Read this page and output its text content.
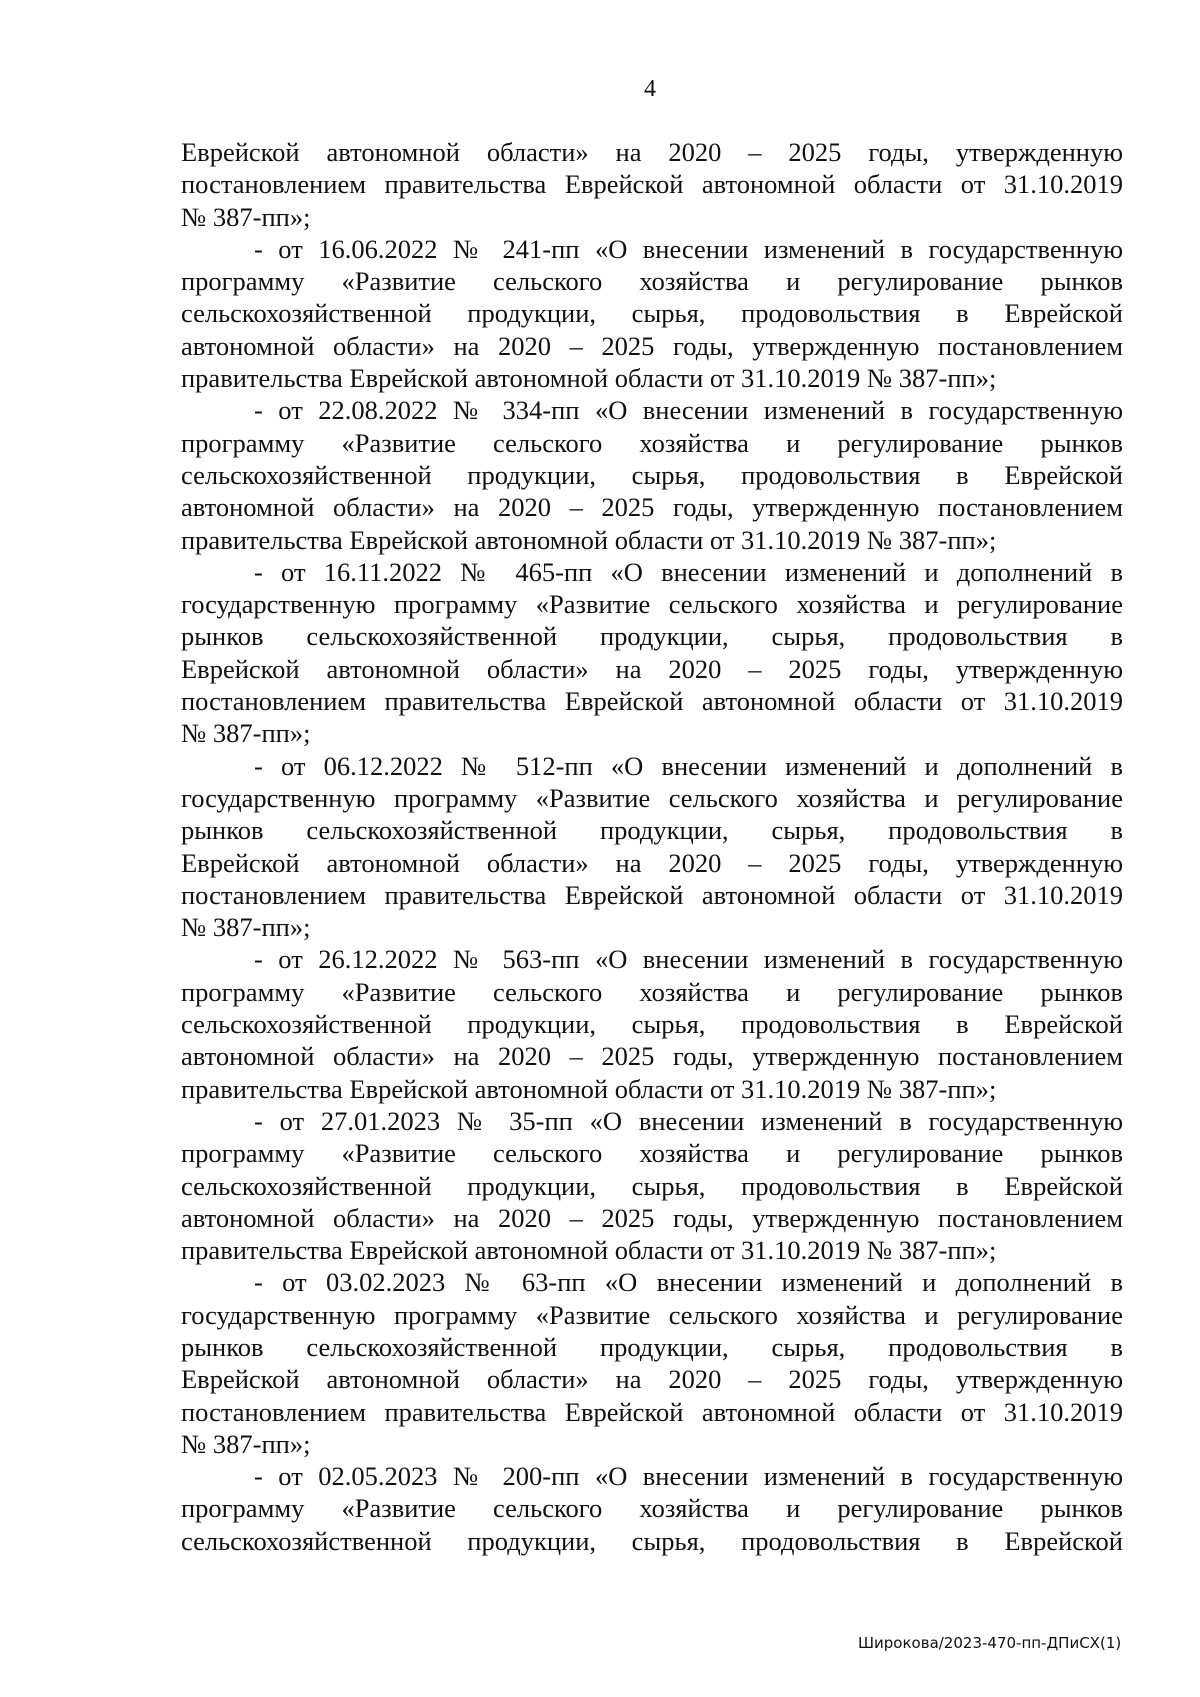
4
Еврейской автономной области» на 2020 – 2025 годы, утвержденную
постановлением правительства Еврейской автономной области от 31.10.2019
№ 387-пп»;
- от 16.06.2022 № 241-пп «О внесении изменений в государственную
программу «Развитие сельского хозяйства и регулирование рынков
сельскохозяйственной продукции, сырья, продовольствия в Еврейской
автономной области» на 2020 – 2025 годы, утвержденную постановлением
правительства Еврейской автономной области от 31.10.2019 № 387-пп»;
- от 22.08.2022 № 334-пп «О внесении изменений в государственную
программу «Развитие сельского хозяйства и регулирование рынков
сельскохозяйственной продукции, сырья, продовольствия в Еврейской
автономной области» на 2020 – 2025 годы, утвержденную постановлением
правительства Еврейской автономной области от 31.10.2019 № 387-пп»;
- от 16.11.2022 № 465-пп «О внесении изменений и дополнений в
государственную программу «Развитие сельского хозяйства и регулирование
рынков сельскохозяйственной продукции, сырья, продовольствия в
Еврейской автономной области» на 2020 – 2025 годы, утвержденную
постановлением правительства Еврейской автономной области от 31.10.2019
№ 387-пп»;
- от 06.12.2022 № 512-пп «О внесении изменений и дополнений в
государственную программу «Развитие сельского хозяйства и регулирование
рынков сельскохозяйственной продукции, сырья, продовольствия в
Еврейской автономной области» на 2020 – 2025 годы, утвержденную
постановлением правительства Еврейской автономной области от 31.10.2019
№ 387-пп»;
- от 26.12.2022 № 563-пп «О внесении изменений в государственную
программу «Развитие сельского хозяйства и регулирование рынков
сельскохозяйственной продукции, сырья, продовольствия в Еврейской
автономной области» на 2020 – 2025 годы, утвержденную постановлением
правительства Еврейской автономной области от 31.10.2019 № 387-пп»;
- от 27.01.2023 № 35-пп «О внесении изменений в государственную
программу «Развитие сельского хозяйства и регулирование рынков
сельскохозяйственной продукции, сырья, продовольствия в Еврейской
автономной области» на 2020 – 2025 годы, утвержденную постановлением
правительства Еврейской автономной области от 31.10.2019 № 387-пп»;
- от 03.02.2023 № 63-пп «О внесении изменений и дополнений в
государственную программу «Развитие сельского хозяйства и регулирование
рынков сельскохозяйственной продукции, сырья, продовольствия в
Еврейской автономной области» на 2020 – 2025 годы, утвержденную
постановлением правительства Еврейской автономной области от 31.10.2019
№ 387-пп»;
- от 02.05.2023 № 200-пп «О внесении изменений в государственную
программу «Развитие сельского хозяйства и регулирование рынков
сельскохозяйственной продукции, сырья, продовольствия в Еврейской
Широкова/2023-470-пп-ДПиСХ(1)
